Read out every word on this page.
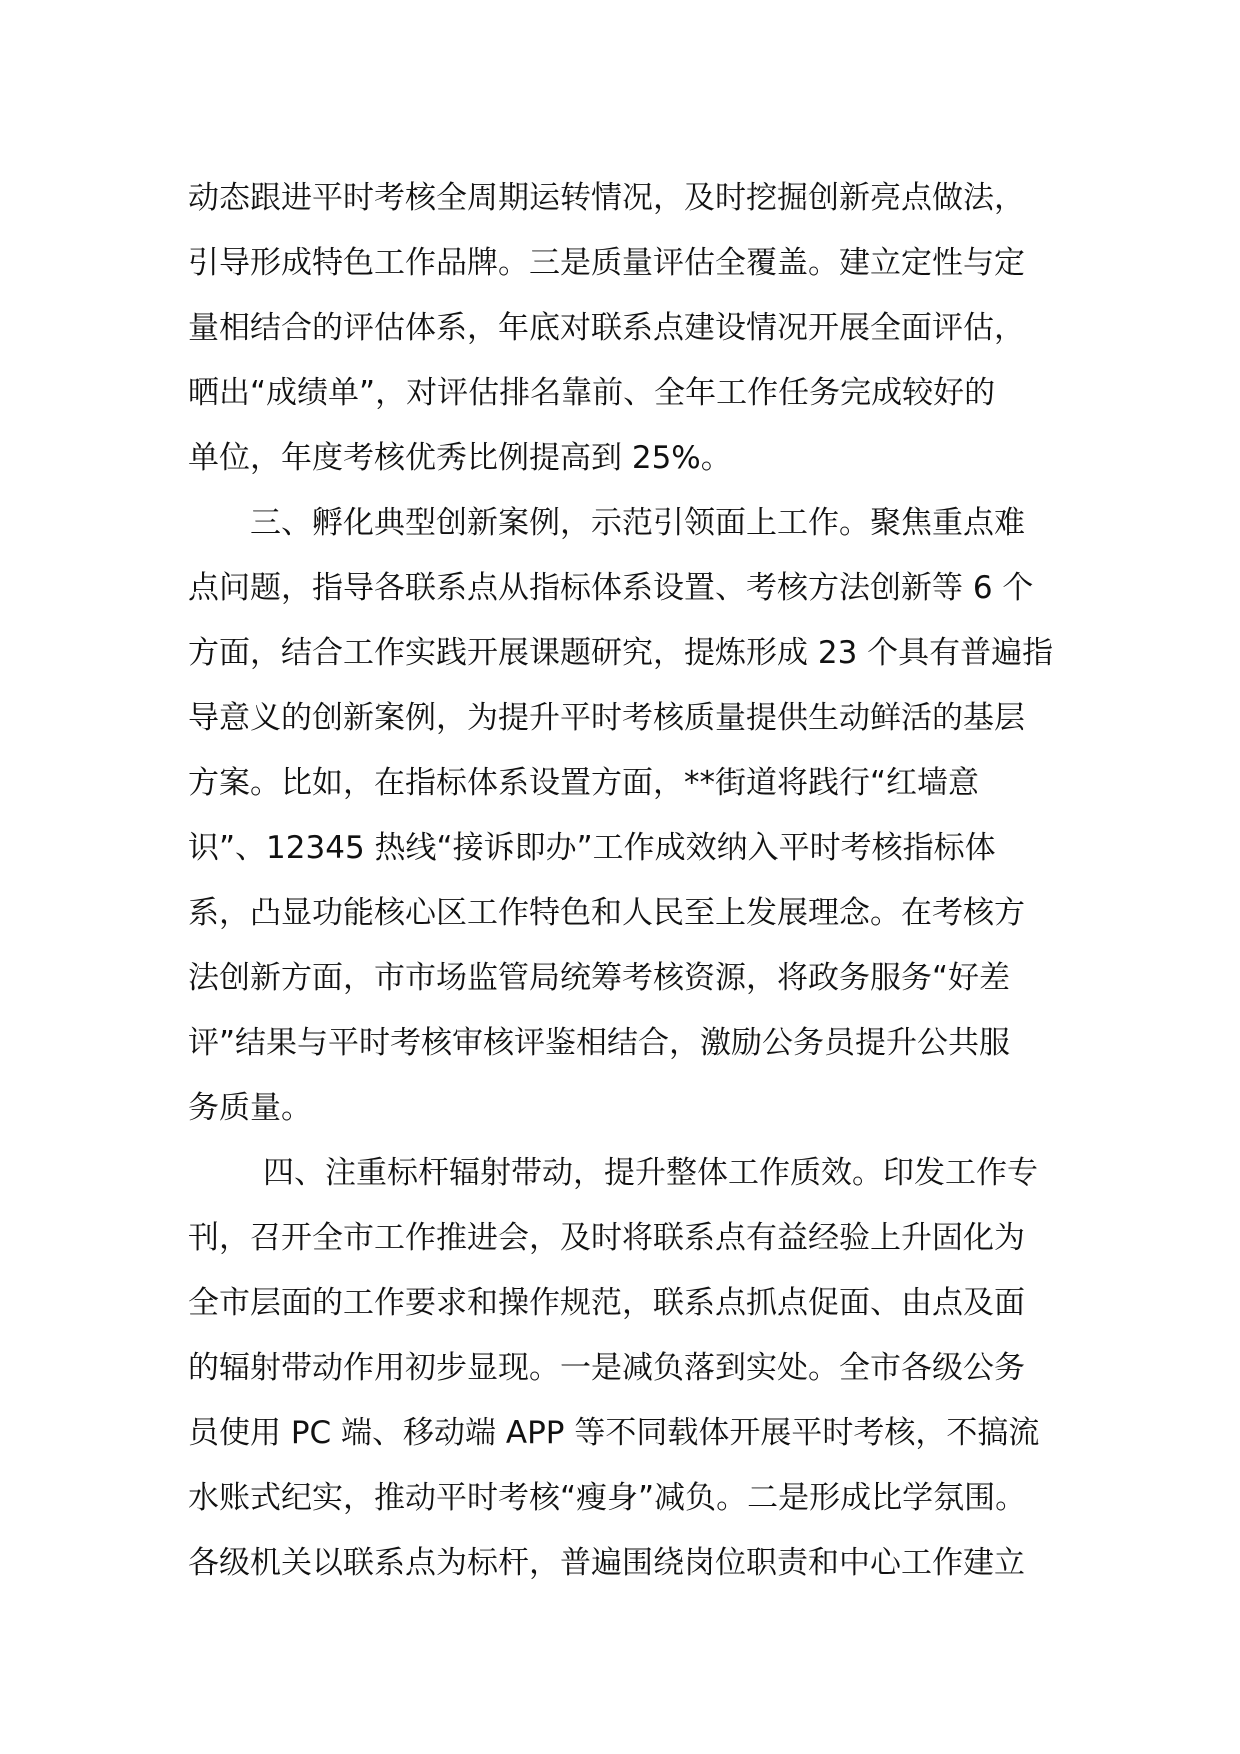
动态跟进平时考核全周期运转情况，及时挖掘创新亮点做法，
引导形成特色工作品牌。三是质量评估全覆盖。建立定性与定
量相结合的评估体系，年底对联系点建设情况开展全面评估，
晒出“成绩单”，对评估排名靠前、全年工作任务完成较好的
单位，年度考核优秀比例提高到 25%。
三、孵化典型创新案例，示范引领面上工作。聚焦重点难
点问题，指导各联系点从指标体系设置、考核方法创新等 6 个
方面，结合工作实践开展课题研究，提炼形成 23 个具有普遍指
导意义的创新案例，为提升平时考核质量提供生动鲜活的基层
方案。比如，在指标体系设置方面，**街道将践行“红墙意
识”、12345 热线“接诉即办”工作成效纳入平时考核指标体
系，凸显功能核心区工作特色和人民至上发展理念。在考核方
法创新方面，市市场监管局统筹考核资源，将政务服务“好差
评”结果与平时考核审核评鉴相结合，激励公务员提升公共服
务质量。
四、注重标杆辐射带动，提升整体工作质效。印发工作专
刊，召开全市工作推进会，及时将联系点有益经验上升固化为
全市层面的工作要求和操作规范，联系点抓点促面、由点及面
的辐射带动作用初步显现。一是减负落到实处。全市各级公务
员使用 PC 端、移动端 APP 等不同载体开展平时考核，不搞流
水账式纪实，推动平时考核“瘦身”减负。二是形成比学氛围。
各级机关以联系点为标杆，普遍围绕岗位职责和中心工作建立
